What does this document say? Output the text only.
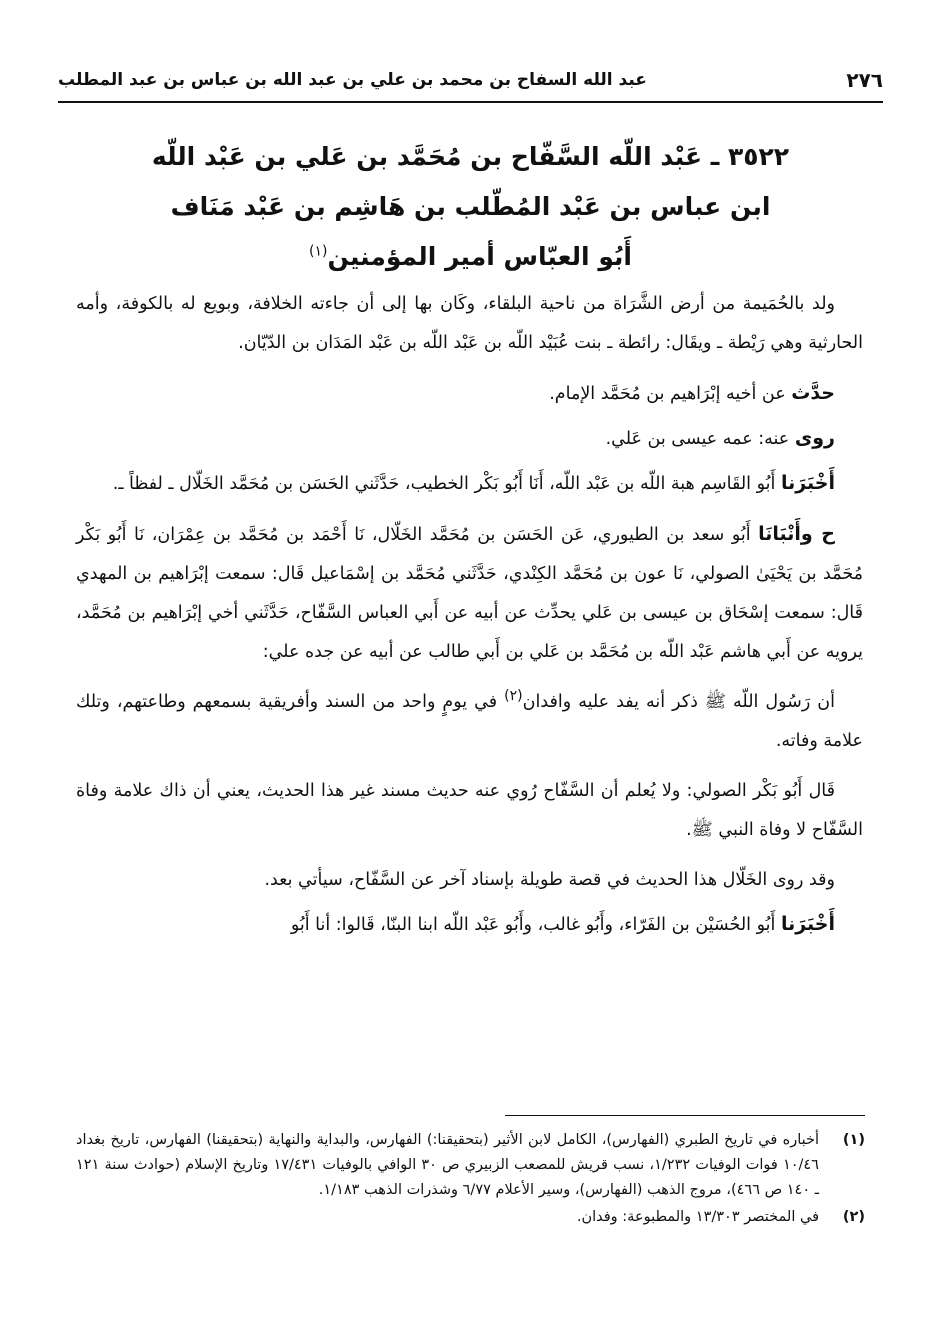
٢٧٦
عبد الله السفاح بن محمد بن علي بن عبد الله بن عباس بن عبد المطلب
٣٥٢٢ ـ عَبْد اللّه السَّفّاح بن مُحَمَّد بن عَلي بن عَبْد اللّه
ابن عباس بن عَبْد المُطّلب بن هَاشِم بن عَبْد مَنَاف
أَبُو العبّاس أمير المؤمنين$^{(١)}$

ولد بالحُمَيمة من أرض الشَّرَاة من ناحية البلقاء، وكَان بها إلى أن جاءته الخلافة، وبويع له بالكوفة، وأمه الحارثية وهي رَيْطة ـ ويقَال: رائطة ـ بنت عُبَيْد اللّه بن عَبْد اللّه بن عَبْد المَدَان بن الدّيّان.

حدَّث عن أخيه إبْرَاهيم بن مُحَمَّد الإمام.

روى عنه: عمه عيسى بن عَلي.

أَخْبَرَنا أَبُو القَاسِم هبة اللّه بن عَبْد اللّه، أَنَا أَبُو بَكْر الخطيب، حَدَّثَني الحَسَن بن مُحَمَّد الخَلّال ـ لفظاً ـ.

ح وأَنْبَانَا أَبُو سعد بن الطيوري، عَن الحَسَن بن مُحَمَّد الخَلّال، نَا أَحْمَد بن مُحَمَّد بن عِمْرَان، نَا أَبُو بَكْر مُحَمَّد بن يَحْيَىٰ الصولي، نَا عون بن مُحَمَّد الكِنْدي، حَدَّثَني مُحَمَّد بن إسْمَاعيل قَال: سمعت إبْرَاهيم بن المهدي قَال: سمعت إسْحَاق بن عيسى بن عَلي يحدِّث عن أبيه عن أَبي العباس السَّفّاح، حَدَّثَني أخي إبْرَاهيم بن مُحَمَّد، يرويه عن أَبي هاشم عَبْد اللّه بن مُحَمَّد بن عَلي بن أَبي طالب عن أبيه عن جده علي:

أن رَسُول اللّه ﷺ ذكر أنه يفد عليه وافدان$^{(٢)}$ في يومٍ واحد من السند وأفريقية بسمعهم وطاعتهم، وتلك علامة وفاته.

قَال أَبُو بَكْر الصولي: ولا يُعلم أن السَّفّاح رُوي عنه حديث مسند غير هذا الحديث، يعني أن ذاك علامة وفاة السَّفّاح لا وفاة النبي ﷺ.

وقد روى الخَلّال هذا الحديث في قصة طويلة بإسناد آخر عن السَّفّاح، سيأتي بعد.

أَخْبَرَنا أَبُو الحُسَيْن بن الفَرّاء، وأَبُو غالب، وأَبُو عَبْد اللّه ابنا البنّا، قَالوا: أنا أَبُو

(١)
أخباره في تاريخ الطبري (الفهارس)، الكامل لابن الأثير (بتحقيقنا:) الفهارس، والبداية والنهاية (بتحقيقنا) الفهارس، تاريخ بغداد ١٠/٤٦ فوات الوفيات ١/٢٣٢، نسب قريش للمصعب الزبيري ص ٣٠ الوافي بالوفيات ١٧/٤٣١ وتاريخ الإسلام (حوادث سنة ١٢١ ـ ١٤٠ ص ٤٦٦)، مروج الذهب (الفهارس)، وسير الأعلام ٦/٧٧ وشذرات الذهب ١/١٨٣.
(٢)
في المختصر ١٣/٣٠٣ والمطبوعة: وفدان.
